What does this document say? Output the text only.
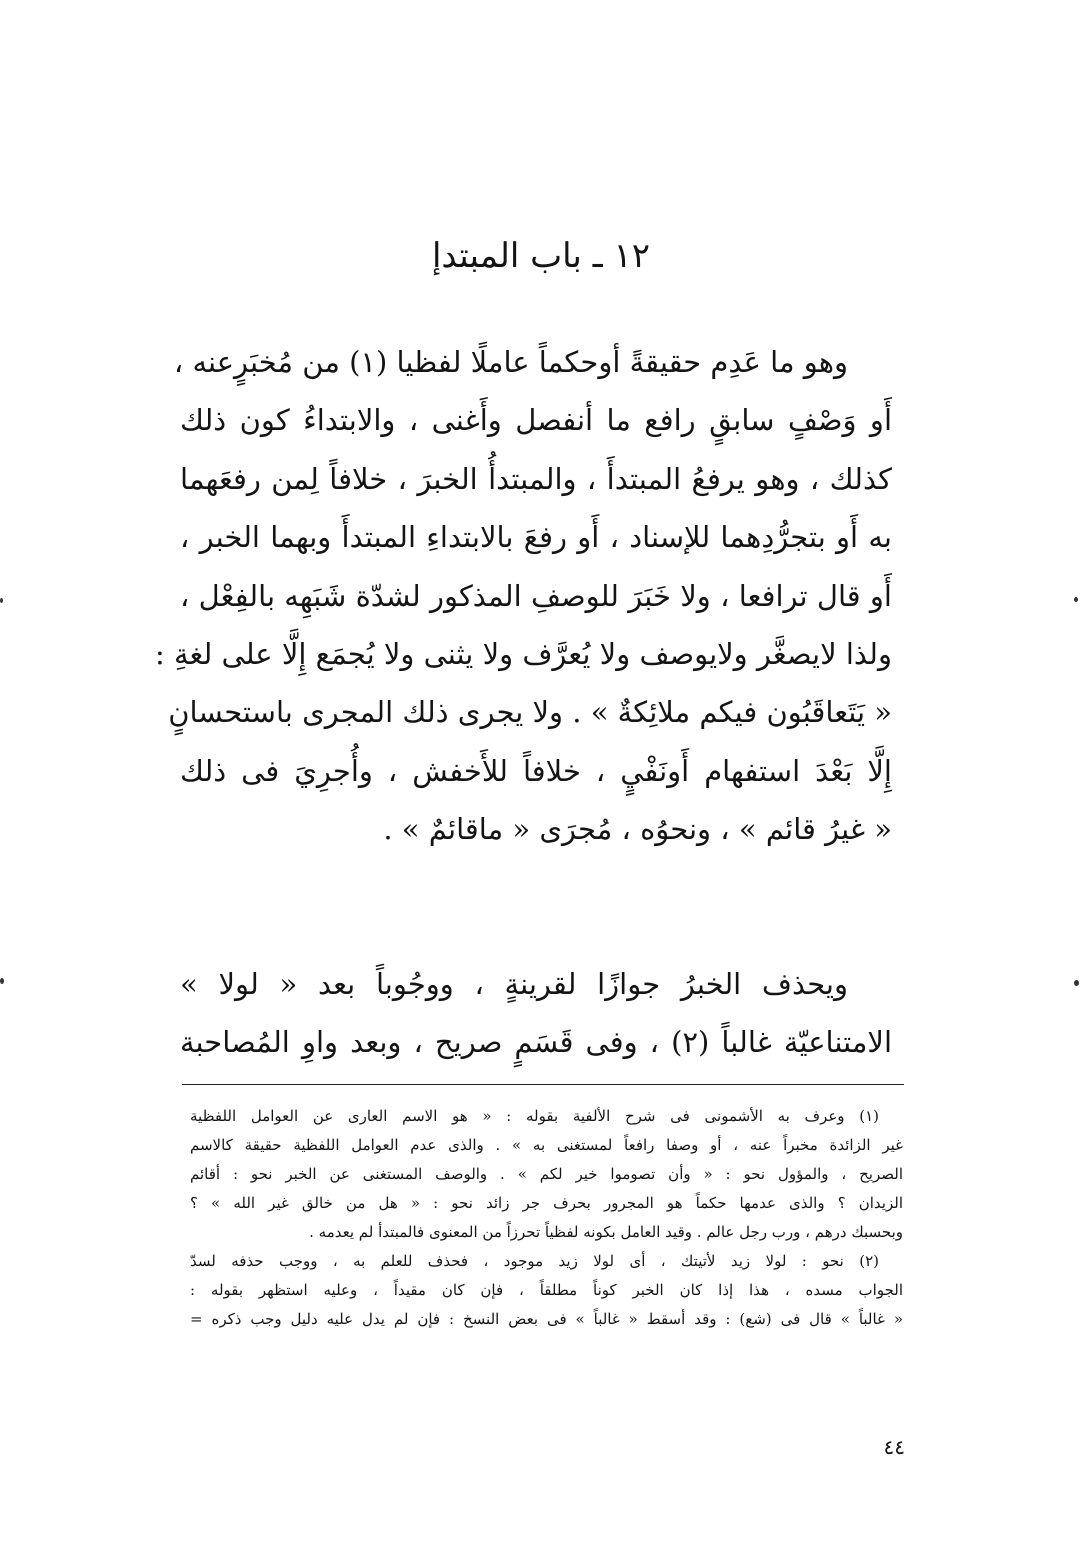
١٢ ـ باب المبتدإ
وهو ما عَدِم حقيقةً أوحكماً عاملًا لفظيا (١) من مُخبَرٍعنه ،
أَو وَصْفٍ سابقٍ رافع ما أنفصل وأَغنى ، والابتداءُ كون ذلك
كذلك ، وهو يرفعُ المبتدأَ ، والمبتدأُ الخبرَ ، خلافاً لِمن رفعَهما
به أَو بتجرُّدِهما للإسناد ، أَو رفعَ بالابتداءِ المبتدأَ وبهما الخبر ،
أَو قال ترافعا ، ولا خَبَرَ للوصفِ المذكور لشدّة شَبَهِه بالفِعْل ،
ولذا لايصغَّر ولايوصف ولا يُعرَّف ولا يثنى ولا يُجمَع إِلَّا على لغةِ :
« يَتَعاقَبُون فيكم ملائِكةٌ » . ولا يجرى ذلك المجرى باستحسانٍ
إِلَّا بَعْدَ استفهام أَونَفْيٍ ، خلافاً للأَخفش ، وأُجرِيَ فى ذلك
« غيرُ قائم » ، ونحوُه ، مُجرَى « ماقائمٌ » .
ويحذف الخبرُ جوازًا لقرينةٍ ، ووجُوباً بعد « لولا »
الامتناعيّة غالباً (٢) ، وفى قَسَمٍ صريح ، وبعد واوِ المُصاحبة
(١) وعرف به الأشمونى فى شرح الألفية بقوله : « هو الاسم العارى عن العوامل اللفظية
غير الزائدة مخبراً عنه ، أو وصفا رافعاً لمستغنى به » . والذى عدم العوامل اللفظية حقيقة كالاسم
الصريح ، والمؤول نحو : « وأن تصوموا خير لكم » . والوصف المستغنى عن الخبر نحو : أقائم
الزيدان ؟ والذى عدمها حكماً هو المجرور بحرف جر زائد نحو : « هل من خالق غير الله » ؟
وبحسبك درهم ، ورب رجل عالم . وقيد العامل بكونه لفظياً تحرزاً من المعنوى فالمبتدأ لم يعدمه .
(٢) نحو : لولا زيد لأتيتك ، أى لولا زيد موجود ، فحذف للعلم به ، ووجب حذفه لسدّ
الجواب مسده ، هذا إذا كان الخبر كوناً مطلقاً ، فإن كان مقيداً ، وعليه استظهر بقوله :
« غالباً » قال فى (شع) : وقد أسقط « غالباً » فى بعض النسخ : فإن لم يدل عليه دليل وجب ذكره =
٤٤
